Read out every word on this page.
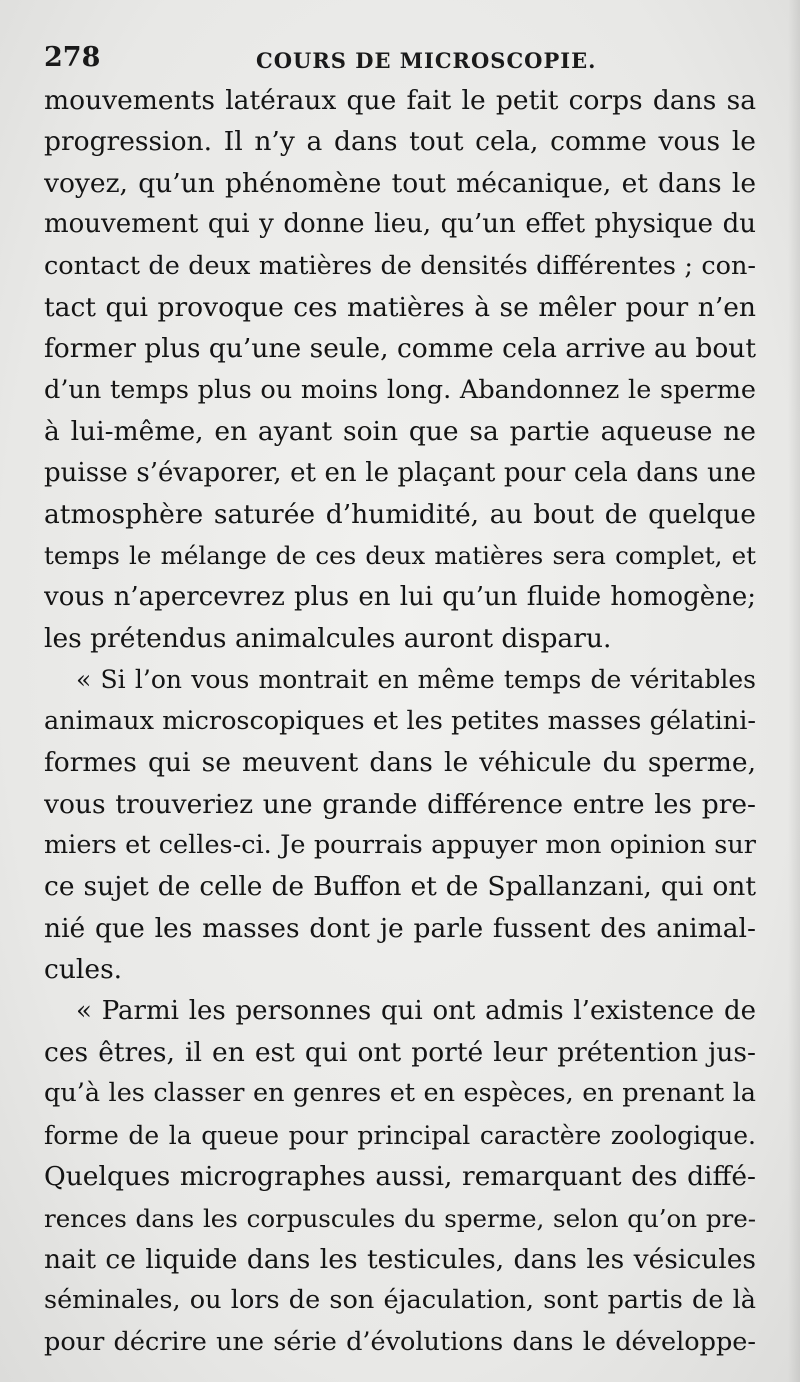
278	COURS DE MICROSCOPIE.
mouvements latéraux que fait le petit corps dans sa
progression. Il n’y a dans tout cela, comme vous le
voyez, qu’un phénomène tout mécanique, et dans le
mouvement qui y donne lieu, qu’un effet physique du
contact de deux matières de densités différentes ; con-
tact qui provoque ces matières à se mêler pour n’en
former plus qu’une seule, comme cela arrive au bout
d’un temps plus ou moins long. Abandonnez le sperme
à lui-même, en ayant soin que sa partie aqueuse ne
puisse s’évaporer, et en le plaçant pour cela dans une
atmosphère saturée d’humidité, au bout de quelque
temps le mélange de ces deux matières sera complet, et
vous n’apercevrez plus en lui qu’un fluide homogène;
les prétendus animalcules auront disparu.
« Si l’on vous montrait en même temps de véritables
animaux microscopiques et les petites masses gélatini-
formes qui se meuvent dans le véhicule du sperme,
vous trouveriez une grande différence entre les pre-
miers et celles-ci. Je pourrais appuyer mon opinion sur
ce sujet de celle de Buffon et de Spallanzani, qui ont
nié que les masses dont je parle fussent des animal-
cules.
« Parmi les personnes qui ont admis l’existence de
ces êtres, il en est qui ont porté leur prétention jus-
qu’à les classer en genres et en espèces, en prenant la
forme de la queue pour principal caractère zoologique.
Quelques micrographes aussi, remarquant des diffé-
rences dans les corpuscules du sperme, selon qu’on pre-
nait ce liquide dans les testicules, dans les vésicules
séminales, ou lors de son éjaculation, sont partis de là
pour décrire une série d’évolutions dans le développe-
